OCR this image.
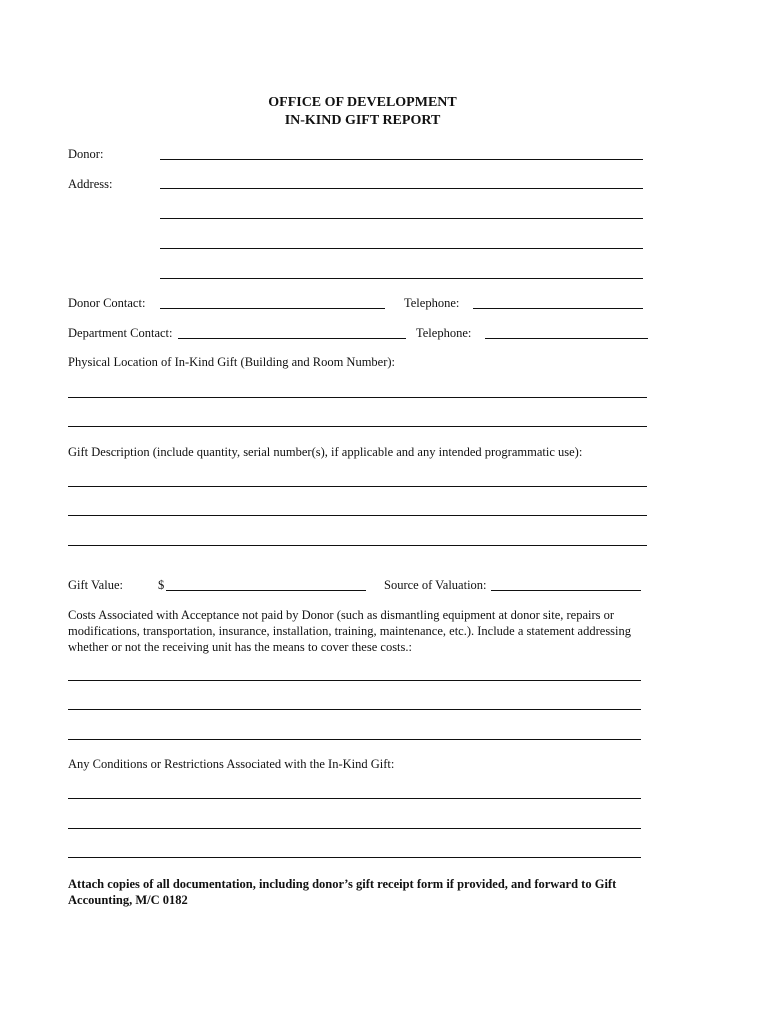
OFFICE OF DEVELOPMENT
IN-KIND GIFT REPORT
Donor:
Address:
Donor Contact:	Telephone:
Department Contact:	Telephone:
Physical Location of In-Kind Gift (Building and Room Number):
Gift Description (include quantity, serial number(s), if applicable and any intended programmatic use):
Gift Value:	$	Source of Valuation:
Costs Associated with Acceptance not paid by Donor (such as dismantling equipment at donor site, repairs or
modifications, transportation, insurance, installation, training, maintenance, etc.). Include a statement addressing
whether or not the receiving unit has the means to cover these costs.:
Any Conditions or Restrictions Associated with the In-Kind Gift:
Attach copies of all documentation, including donor’s gift receipt form if provided, and forward to Gift
Accounting, M/C 0182
